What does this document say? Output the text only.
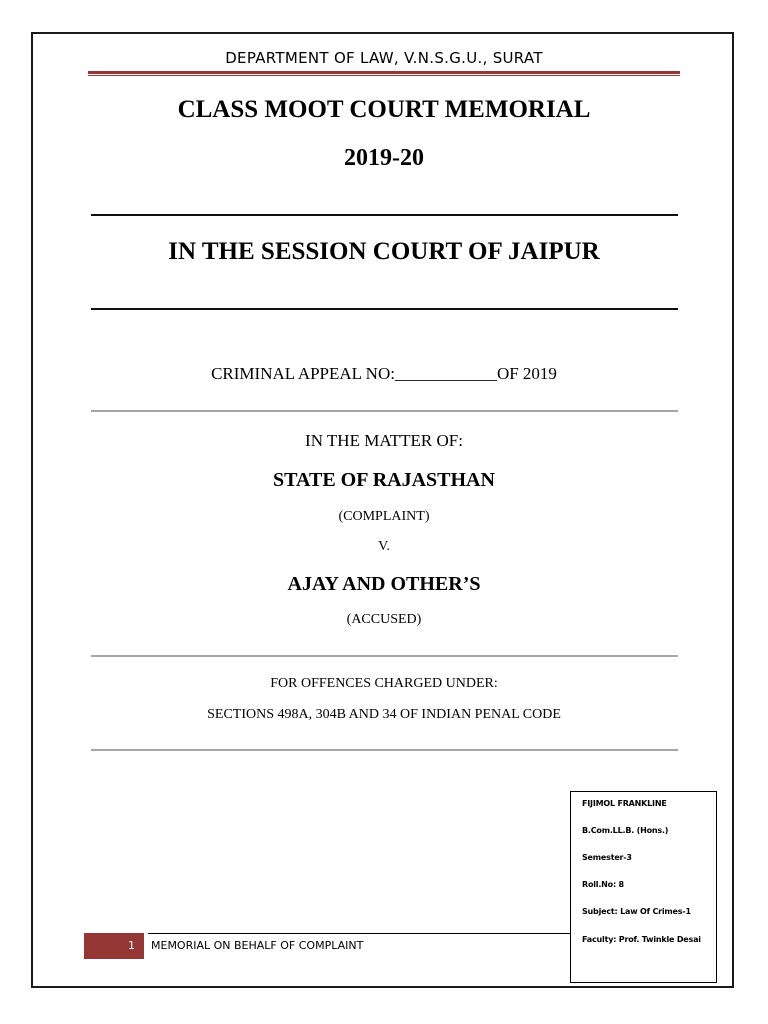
DEPARTMENT OF LAW, V.N.S.G.U., SURAT
CLASS MOOT COURT MEMORIAL
2019-20
IN THE SESSION COURT OF JAIPUR
CRIMINAL APPEAL NO:____________OF 2019
IN THE MATTER OF:
STATE OF RAJASTHAN
(COMPLAINT)
V.
AJAY AND OTHER’S
(ACCUSED)
FOR OFFENCES CHARGED UNDER:
SECTIONS 498A, 304B AND 34 OF INDIAN PENAL CODE
FIJIMOL FRANKLINE
B.Com.LL.B. (Hons.)
Semester-3
Roll.No: 8
Subject: Law Of Crimes-1
Faculty: Prof. Twinkle Desai
1	MEMORIAL ON BEHALF OF COMPLAINT
